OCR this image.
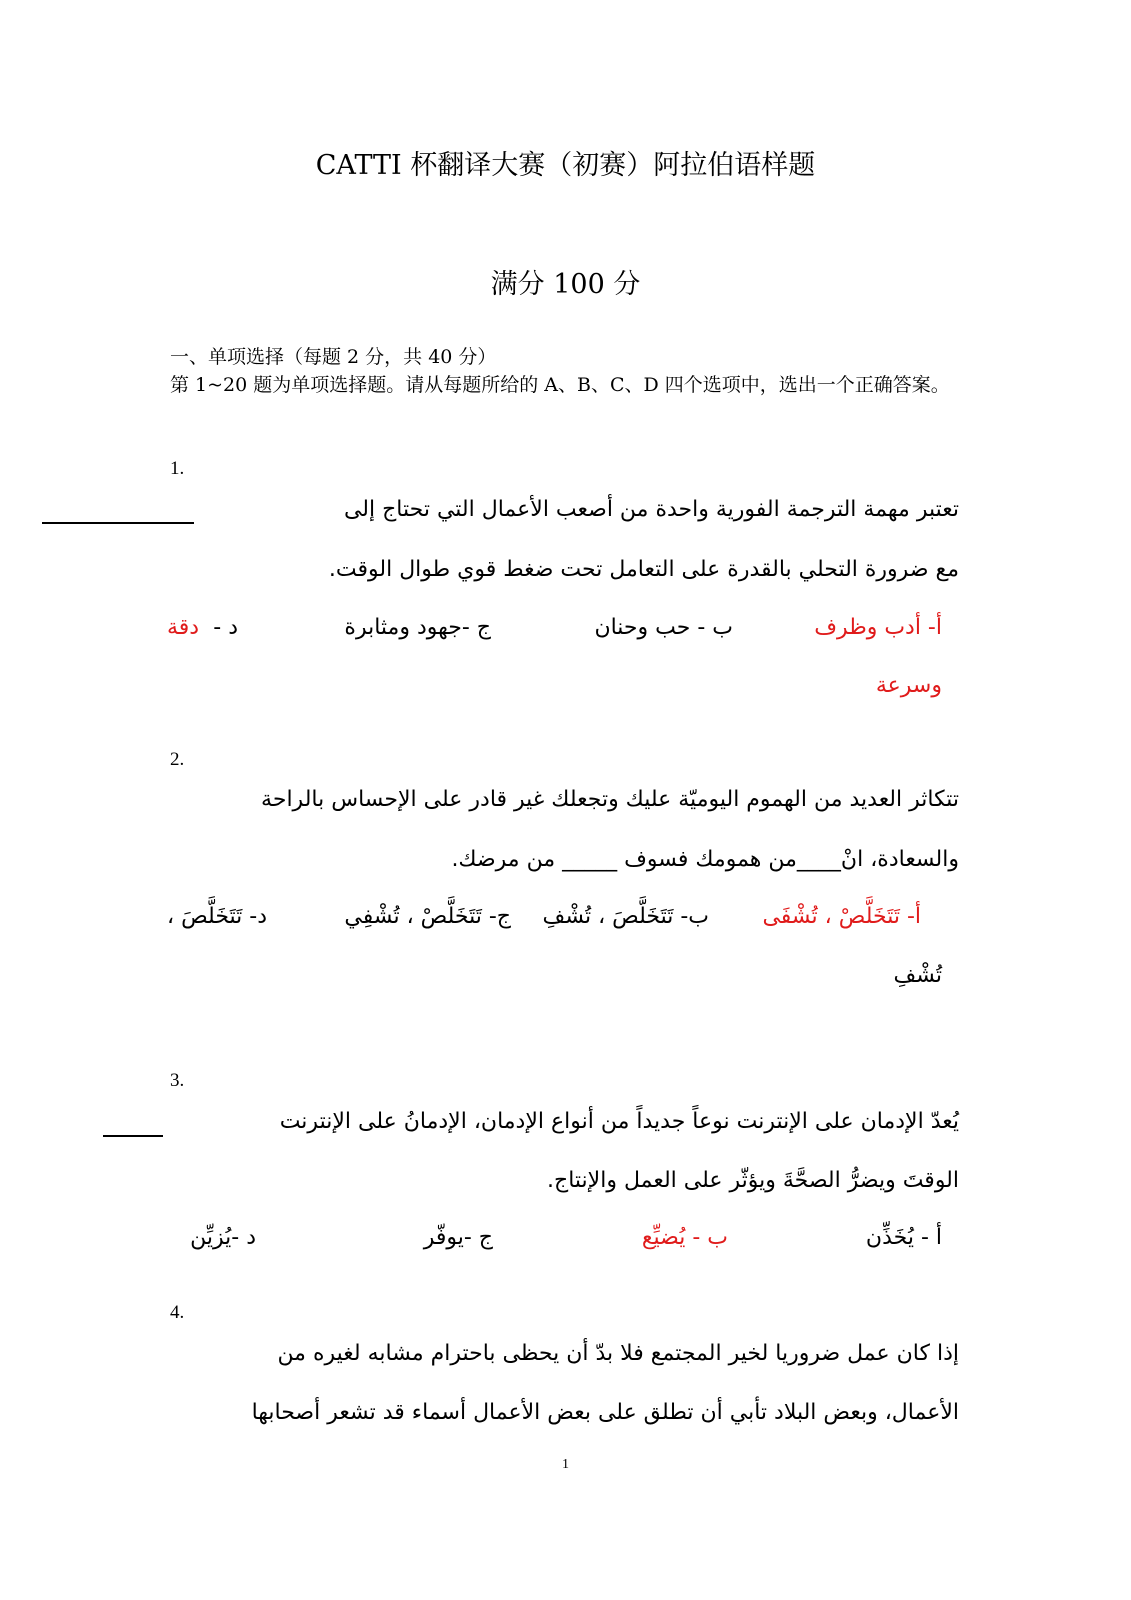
CATTI 杯翻译大赛（初赛）阿拉伯语样题
满分 100 分
一、单项选择（每题 2 分，共 40 分）
第 1~20 题为单项选择题。请从每题所给的 A、B、C、D 四个选项中，选出一个正确答案。
1.
تعتبر مهمة الترجمة الفورية واحدة من أصعب الأعمال التي تحتاج إلى
مع ضرورة التحلي بالقدرة على التعامل تحت ضغط قوي طوال الوقت.
أ- أدب وظرف
ب - حب وحنان
ج -جهود ومثابرة
د -
دقة
وسرعة
2.
تتكاثر العديد من الهموم اليوميّة عليك وتجعلك غير قادر على الإحساس بالراحة
والسعادة، انْ____من همومك فسوف _____ من مرضك.
أ- تَتَخَلَّصْ ، تُشْفَى
ب- تَتَخَلَّصَ ، تُشْفِ
ج- تَتَخَلَّصْ ، تُشْفِي
د- تَتَخَلَّصَ ،
تُشْفِ
3.
يُعدّ الإدمان على الإنترنت نوعاً جديداً من أنواع الإدمان، الإدمانُ على الإنترنت
الوقتَ ويضرُّ الصحَّةَ ويؤثّر على العمل والإنتاج.
أ - يُخَذِّن
ب - يُضيِّع
ج -يوفّر
د -يُزيِّن
4.
إذا كان عمل ضروريا لخير المجتمع فلا بدّ أن يحظى باحترام مشابه لغيره من
الأعمال، وبعض البلاد تأبي أن تطلق على بعض الأعمال أسماء قد تشعر أصحابها
1
